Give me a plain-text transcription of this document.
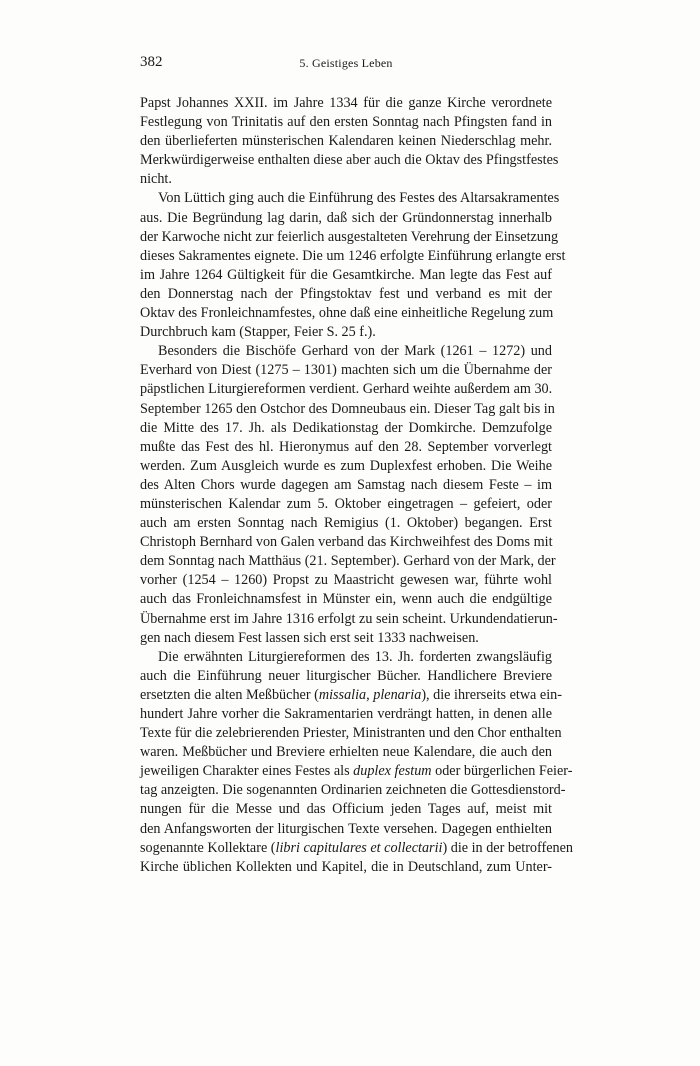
382	5. Geistiges Leben
Papst Johannes XXII. im Jahre 1334 für die ganze Kirche verordnete
Festlegung von Trinitatis auf den ersten Sonntag nach Pfingsten fand in
den überlieferten münsterischen Kalendaren keinen Niederschlag mehr.
Merkwürdigerweise enthalten diese aber auch die Oktav des Pfingstfestes
nicht.
Von Lüttich ging auch die Einführung des Festes des Altarsakramentes
aus. Die Begründung lag darin, daß sich der Gründonnerstag innerhalb
der Karwoche nicht zur feierlich ausgestalteten Verehrung der Einsetzung
dieses Sakramentes eignete. Die um 1246 erfolgte Einführung erlangte erst
im Jahre 1264 Gültigkeit für die Gesamtkirche. Man legte das Fest auf
den Donnerstag nach der Pfingstoktav fest und verband es mit der
Oktav des Fronleichnamfestes, ohne daß eine einheitliche Regelung zum
Durchbruch kam (Stapper, Feier S. 25 f.).
Besonders die Bischöfe Gerhard von der Mark (1261 – 1272) und
Everhard von Diest (1275 – 1301) machten sich um die Übernahme der
päpstlichen Liturgiereformen verdient. Gerhard weihte außerdem am 30.
September 1265 den Ostchor des Domneubaus ein. Dieser Tag galt bis in
die Mitte des 17. Jh. als Dedikationstag der Domkirche. Demzufolge
mußte das Fest des hl. Hieronymus auf den 28. September vorverlegt
werden. Zum Ausgleich wurde es zum Duplexfest erhoben. Die Weihe
des Alten Chors wurde dagegen am Samstag nach diesem Feste – im
münsterischen Kalendar zum 5. Oktober eingetragen – gefeiert, oder
auch am ersten Sonntag nach Remigius (1. Oktober) begangen. Erst
Christoph Bernhard von Galen verband das Kirchweihfest des Doms mit
dem Sonntag nach Matthäus (21. September). Gerhard von der Mark, der
vorher (1254 – 1260) Propst zu Maastricht gewesen war, führte wohl
auch das Fronleichnamsfest in Münster ein, wenn auch die endgültige
Übernahme erst im Jahre 1316 erfolgt zu sein scheint. Urkundendatierun-
gen nach diesem Fest lassen sich erst seit 1333 nachweisen.
Die erwähnten Liturgiereformen des 13. Jh. forderten zwangsläufig
auch die Einführung neuer liturgischer Bücher. Handlichere Breviere
ersetzten die alten Meßbücher (missalia, plenaria), die ihrerseits etwa ein-
hundert Jahre vorher die Sakramentarien verdrängt hatten, in denen alle
Texte für die zelebrierenden Priester, Ministranten und den Chor enthalten
waren. Meßbücher und Breviere erhielten neue Kalendare, die auch den
jeweiligen Charakter eines Festes als duplex festum oder bürgerlichen Feier-
tag anzeigten. Die sogenannten Ordinarien zeichneten die Gottesdienstord-
nungen für die Messe und das Officium jeden Tages auf, meist mit
den Anfangsworten der liturgischen Texte versehen. Dagegen enthielten
sogenannte Kollektare (libri capitulares et collectarii) die in der betroffenen
Kirche üblichen Kollekten und Kapitel, die in Deutschland, zum Unter-
